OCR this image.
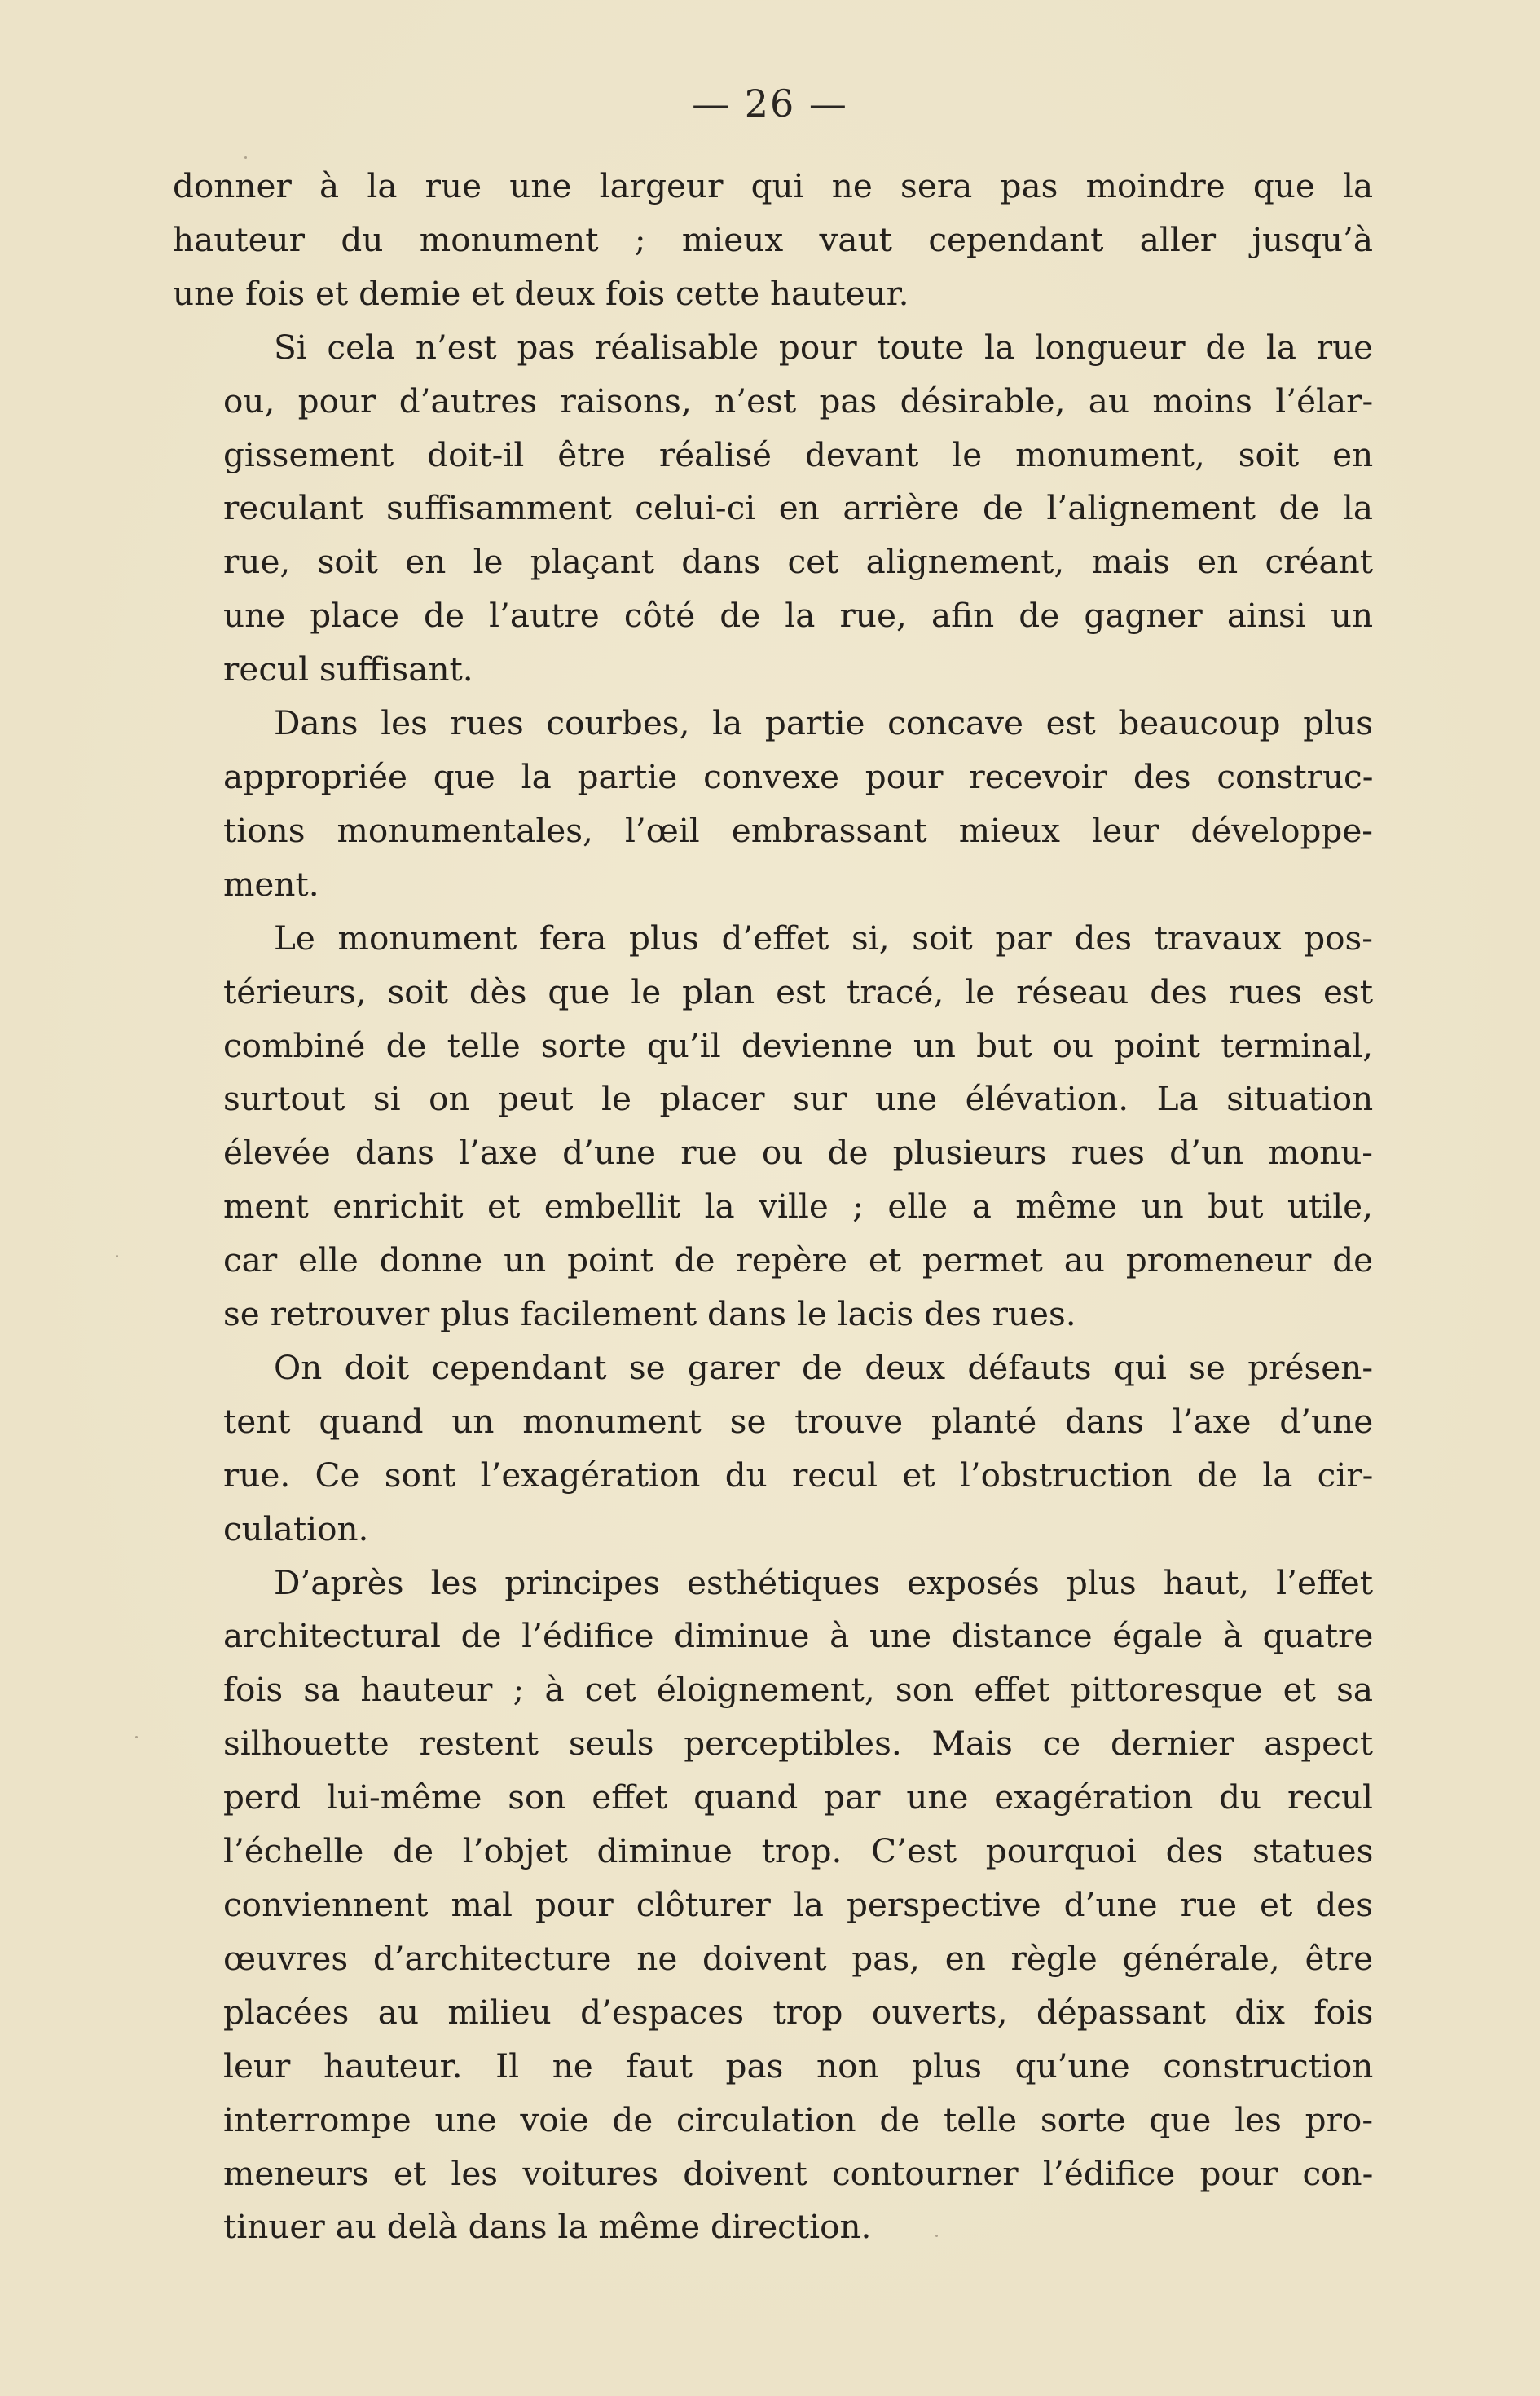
— 26 —
donner à la rue une largeur qui ne sera pas moindre que la
hauteur du monument ; mieux vaut cependant aller jusqu’à
une fois et demie et deux fois cette hauteur.
Si cela n’est pas réalisable pour toute la longueur de la rue
ou, pour d’autres raisons, n’est pas désirable, au moins l’élar-
gissement doit-il être réalisé devant le monument, soit en
reculant suffisamment celui-ci en arrière de l’alignement de la
rue, soit en le plaçant dans cet alignement, mais en créant
une place de l’autre côté de la rue, afin de gagner ainsi un
recul suffisant.
Dans les rues courbes, la partie concave est beaucoup plus
appropriée que la partie convexe pour recevoir des construc-
tions monumentales, l’œil embrassant mieux leur développe-
ment.
Le monument fera plus d’effet si, soit par des travaux pos-
térieurs, soit dès que le plan est tracé, le réseau des rues est
combiné de telle sorte qu’il devienne un but ou point terminal,
surtout si on peut le placer sur une élévation. La situation
élevée dans l’axe d’une rue ou de plusieurs rues d’un monu-
ment enrichit et embellit la ville ; elle a même un but utile,
car elle donne un point de repère et permet au promeneur de
se retrouver plus facilement dans le lacis des rues.
On doit cependant se garer de deux défauts qui se présen-
tent quand un monument se trouve planté dans l’axe d’une
rue. Ce sont l’exagération du recul et l’obstruction de la cir-
culation.
D’après les principes esthétiques exposés plus haut, l’effet
architectural de l’édifice diminue à une distance égale à quatre
fois sa hauteur ; à cet éloignement, son effet pittoresque et sa
silhouette restent seuls perceptibles. Mais ce dernier aspect
perd lui-même son effet quand par une exagération du recul
l’échelle de l’objet diminue trop. C’est pourquoi des statues
conviennent mal pour clôturer la perspective d’une rue et des
œuvres d’architecture ne doivent pas, en règle générale, être
placées au milieu d’espaces trop ouverts, dépassant dix fois
leur hauteur. Il ne faut pas non plus qu’une construction
interrompe une voie de circulation de telle sorte que les pro-
meneurs et les voitures doivent contourner l’édifice pour con-
tinuer au delà dans la même direction.
